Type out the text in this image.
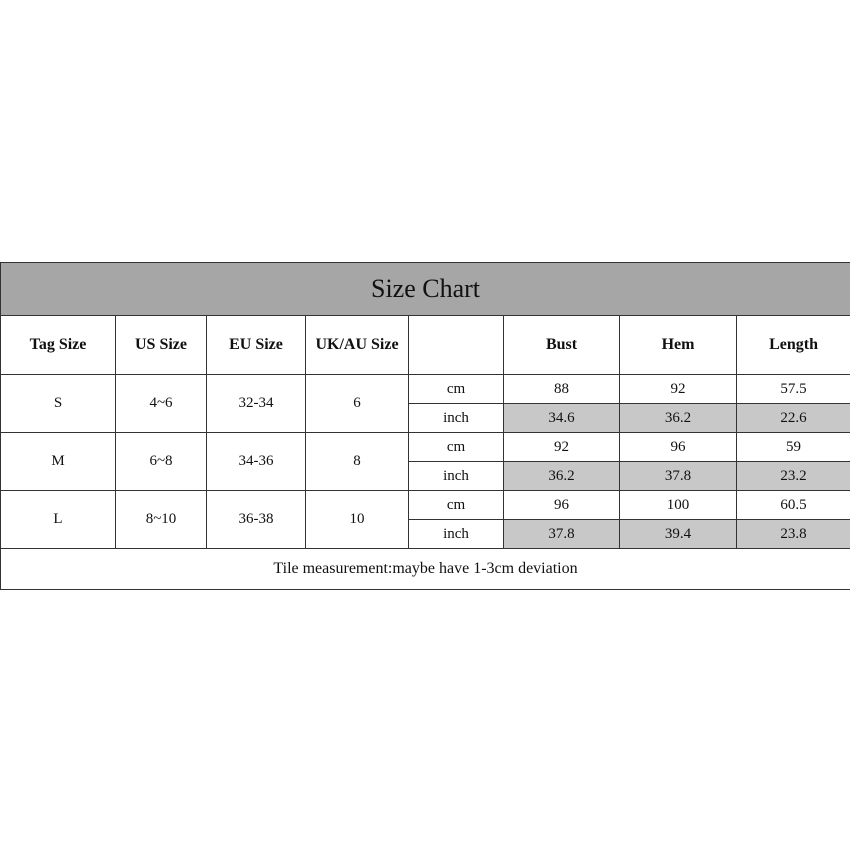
Size Chart							
Tag Size	US Size	EU Size	UK/AU Size		Bust	Hem	Length
S	4~6	32-34	6	cm	88	92	57.5
				inch	34.6	36.2	22.6
M	6~8	34-36	8	cm	92	96	59
				inch	36.2	37.8	23.2
L	8~10	36-38	10	cm	96	100	60.5
				inch	37.8	39.4	23.8
Tile measurement:maybe have 1-3cm deviation							
